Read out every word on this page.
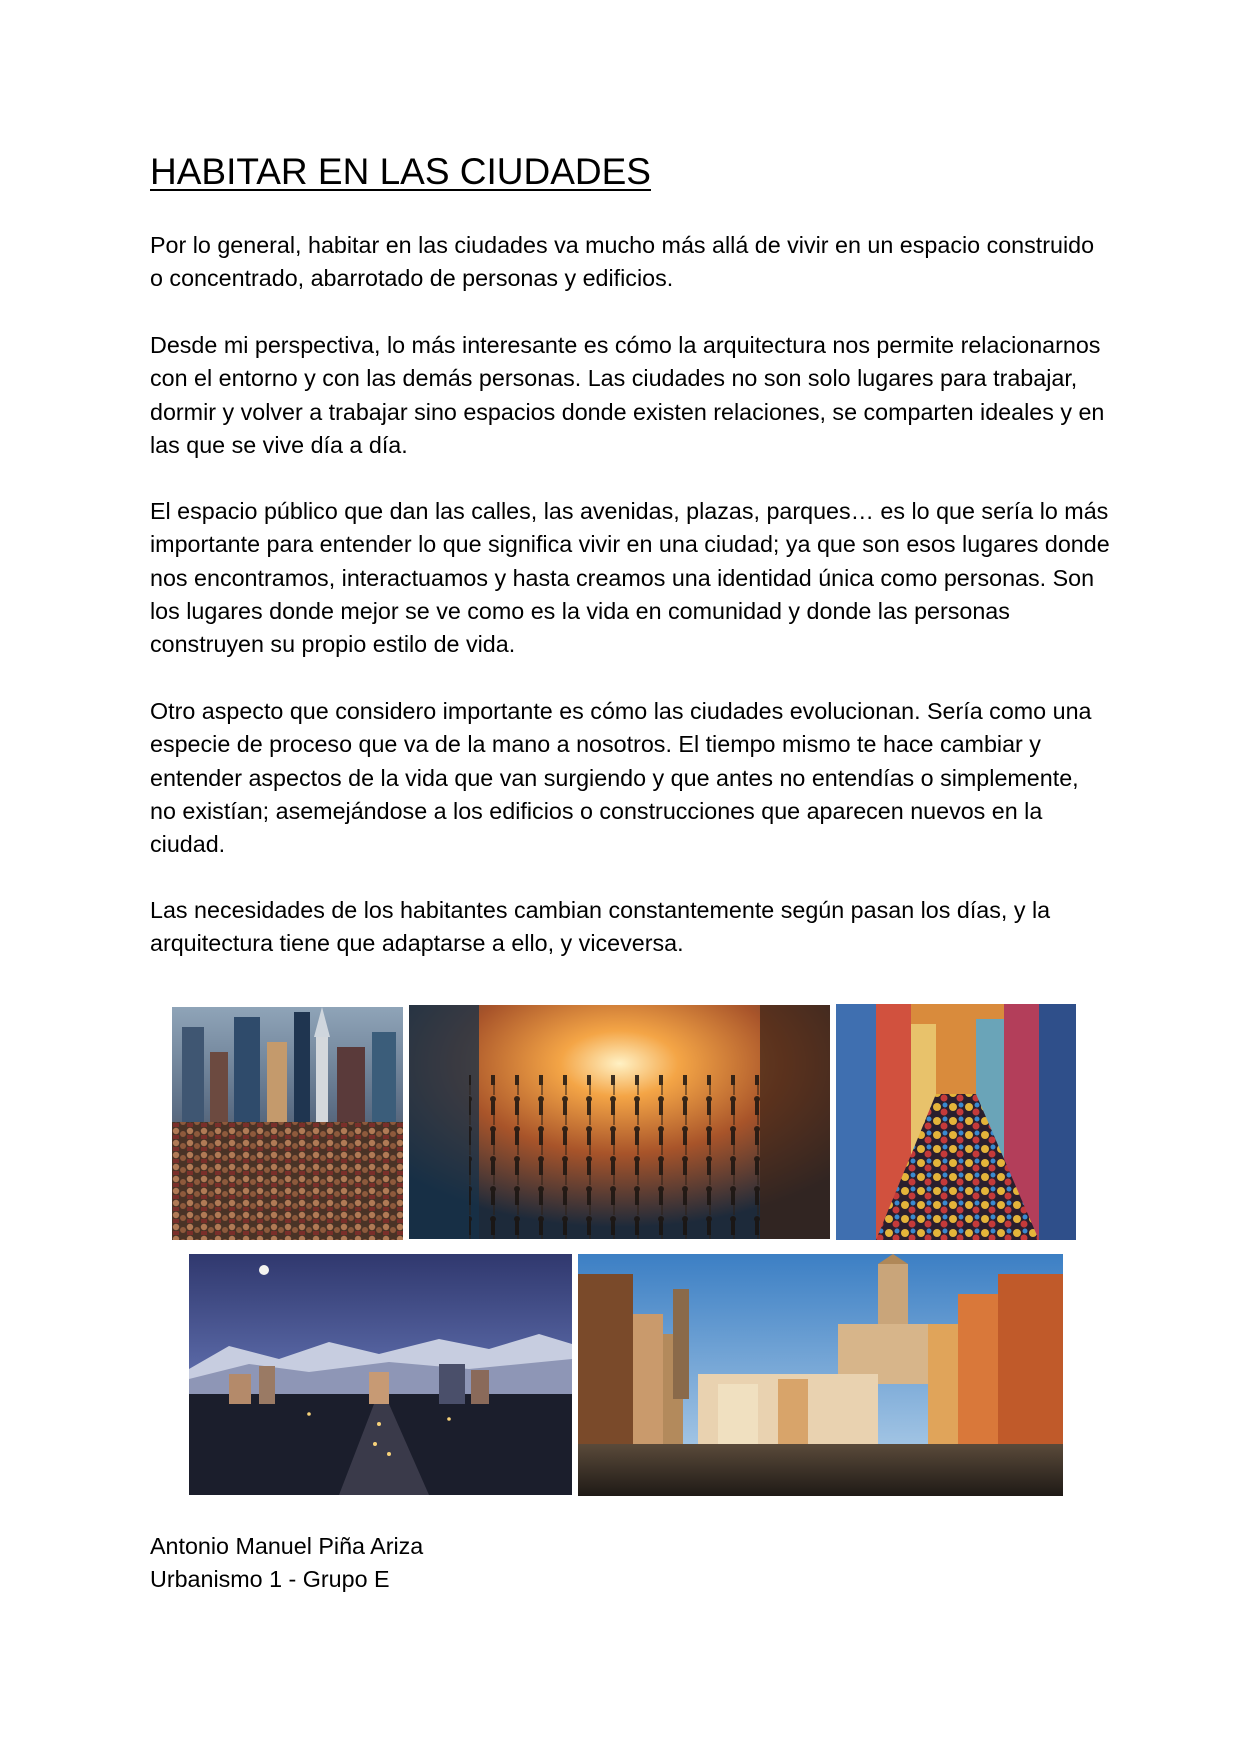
HABITAR EN LAS CIUDADES

Por lo general, habitar en las ciudades va mucho más allá de vivir en un espacio construido o concentrado, abarrotado de personas y edificios.

Desde mi perspectiva, lo más interesante es cómo la arquitectura nos permite relacionarnos con el entorno y con las demás personas. Las ciudades no son solo lugares para trabajar, dormir y volver a trabajar sino espacios donde existen relaciones, se comparten ideales y en las que se vive día a día.

El espacio público que dan las calles, las avenidas, plazas, parques… es lo que sería lo más importante para entender lo que significa vivir en una ciudad; ya que son esos lugares donde nos encontramos, interactuamos y hasta creamos una identidad única como personas. Son los lugares donde mejor se ve como es la vida en comunidad y donde las personas construyen su propio estilo de vida.

Otro aspecto que considero importante es cómo las ciudades evolucionan. Sería como una especie de proceso que va de la mano a nosotros. El tiempo mismo te hace cambiar y entender aspectos de la vida que van surgiendo y que antes no entendías o simplemente, no existían; asemejándose a los edificios o construcciones que aparecen nuevos en la ciudad.

Las necesidades de los habitantes cambian constantemente según pasan los días, y la arquitectura tiene que adaptarse a ello, y viceversa.

Antonio Manuel Piña Ariza
Urbanismo 1 - Grupo E
